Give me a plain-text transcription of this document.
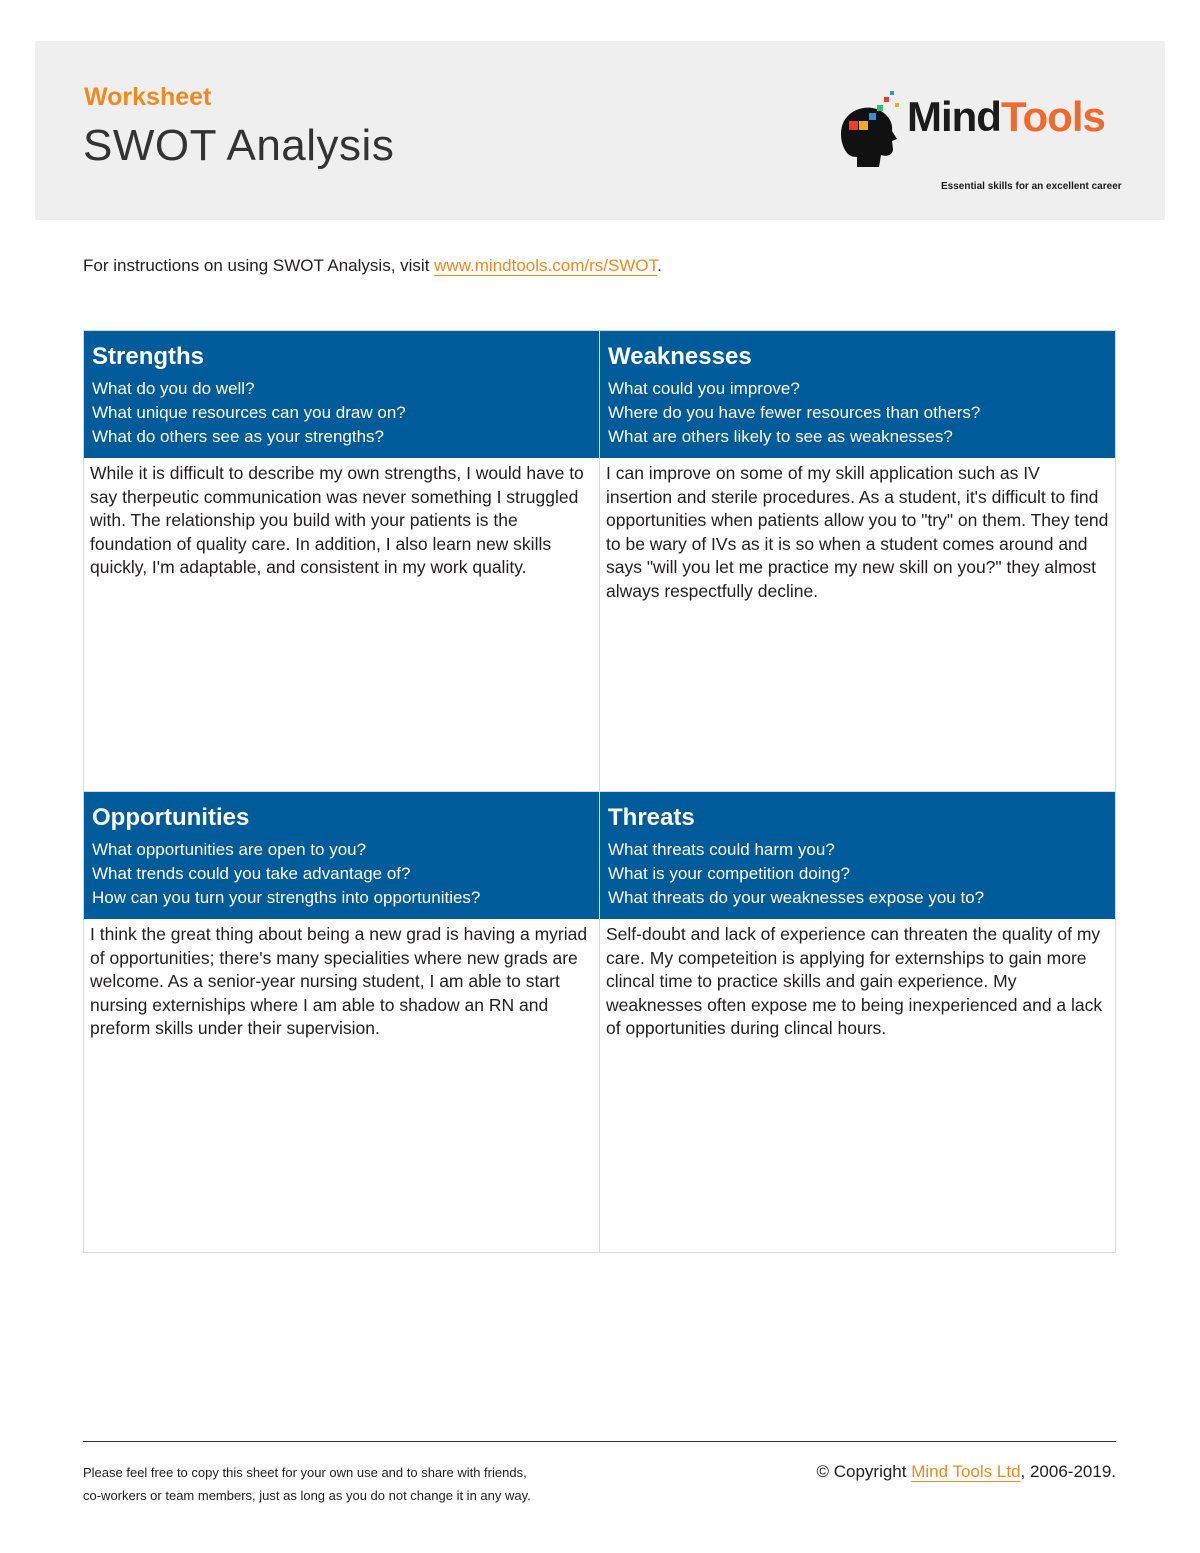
Worksheet
SWOT Analysis
MindTools
Essential skills for an excellent career
For instructions on using SWOT Analysis, visit www.mindtools.com/rs/SWOT.
Strengths
What do you do well?
What unique resources can you draw on?
What do others see as your strengths?
While it is difficult to describe my own strengths, I would have to say therpeutic communication was never something I struggled with. The relationship you build with your patients is the foundation of quality care. In addition, I also learn new skills quickly, I'm adaptable, and consistent in my work quality.
Weaknesses
What could you improve?
Where do you have fewer resources than others?
What are others likely to see as weaknesses?
I can improve on some of my skill application such as IV insertion and sterile procedures. As a student, it's difficult to find opportunities when patients allow you to "try" on them. They tend to be wary of IVs as it is so when a student comes around and says "will you let me practice my new skill on you?" they almost always respectfully decline.
Opportunities
What opportunities are open to you?
What trends could you take advantage of?
How can you turn your strengths into opportunities?
I think the great thing about being a new grad is having a myriad of opportunities; there's many specialities where new grads are welcome. As a senior-year nursing student, I am able to start nursing externiships where I am able to shadow an RN and preform skills under their supervision.
Threats
What threats could harm you?
What is your competition doing?
What threats do your weaknesses expose you to?
Self-doubt and lack of experience can threaten the quality of my care. My competeition is applying for externships to gain more clincal time to practice skills and gain experience. My weaknesses often expose me to being inexperienced and a lack of opportunities during clincal hours.
Please feel free to copy this sheet for your own use and to share with friends,
co-workers or team members, just as long as you do not change it in any way.
© Copyright Mind Tools Ltd, 2006-2019.
